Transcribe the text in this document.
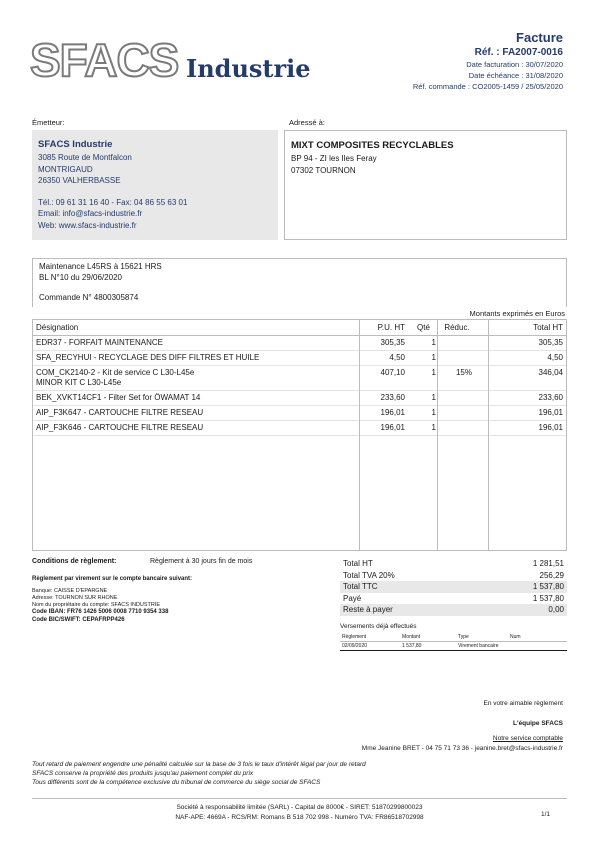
SFACS Industrie
Facture
Réf. : FA2007-0016
Date facturation : 30/07/2020
Date échéance : 31/08/2020
Réf. commande : CO2005-1459 / 25/05/2020
Émetteur:	Adressé à:
SFACS Industrie
3085 Route de Montfalcon
MONTRIGAUD
26350 VALHERBASSE
Tél.: 09 61 31 16 40 - Fax: 04 86 55 63 01
Email: info@sfacs-industrie.fr
Web: www.sfacs-industrie.fr
MIXT COMPOSITES RECYCLABLES
BP 94 - ZI les Iles Feray
07302 TOURNON
Maintenance L45RS à 15621 HRS
BL N°10 du 29/06/2020
Commande N° 4800305874
Montants exprimés en Euros
Désignation	P.U. HT	Qté	Réduc.	Total HT

EDR37 - FORFAIT MAINTENANCE	305,35	1		305,35

SFA_RECYHUI - RECYCLAGE DES DIFF FILTRES ET HUILE	4,50	1		4,50

COM_CK2140-2 - Kit de service C L30-L45e
MINOR KIT C L30-L45e	407,10	1	15%	346,04

BEK_XVKT14CF1 - Filter Set for ÖWAMAT 14	233,60	1		233,60

AIP_F3K647 - CARTOUCHE FILTRE RESEAU	196,01	1		196,01

AIP_F3K646 - CARTOUCHE FILTRE RESEAU	196,01	1		196,01
Conditions de règlement:	Règlement à 30 jours fin de mois
Règlement par virement sur le compte bancaire suivant:
Banque: CAISSE D'EPARGNE
Adresse: TOURNON SUR RHONE
Nom du propriétaire du compte: SFACS INDUSTRIE
Code IBAN: FR76 1426 5006 0008 7710 9354 338
Code BIC/SWIFT: CEPAFRPP426
Total HT	1 281,51
Total TVA 20%	256,29
Total TTC	1 537,80
Payé	1 537,80
Reste à payer	0,00
Versements déjà effectués
Règlement	Montant	Type	Num
02/09/2020	1 537,80	Virement bancaire
En votre aimable règlement
L'équipe SFACS
Notre service comptable
Mme Jeanine BRET - 04 75 71 73 36 - jeanine.bret@sfacs-industrie.fr
Tout retard de paiement engendre une pénalité calculée sur la base de 3 fois le taux d'intérêt légal par jour de retard
SFACS conserve la propriété des produits jusqu'au paiement complet du prix
Tous différents sont de la compétence exclusive du tribunal de commerce du siège social de SFACS
Société à responsabilité limitée (SARL) - Capital de 8000€ - SIRET: 51870299800023
NAF-APE: 4669A - RCS/RM: Romans B 518 702 998 - Numéro TVA: FR86518702998	1/1
